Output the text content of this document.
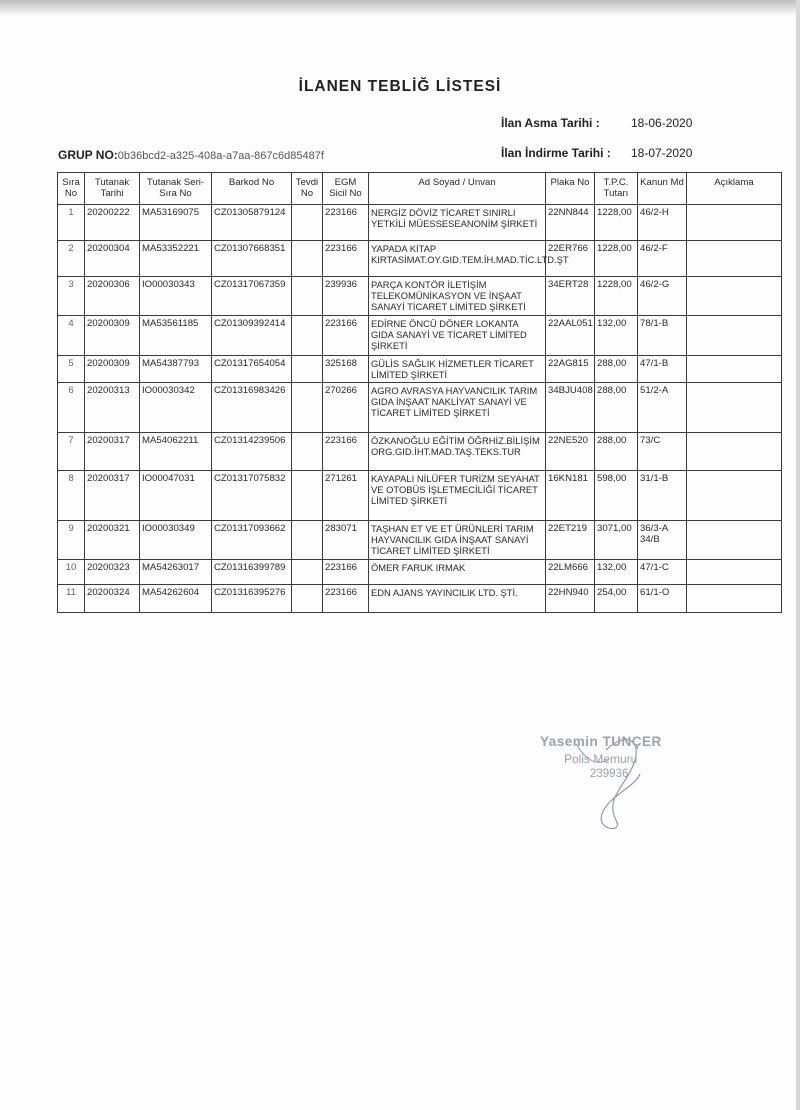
İLANEN TEBLİĞ LİSTESİ
İlan Asma Tarihi :	18-06-2020
İlan İndirme Tarihi : 18-07-2020
GRUP NO:0b36bcd2-a325-408a-a7aa-867c6d85487f
Sıra No	Tutanak Tarihi	Tutanak Seri-Sıra No	Barkod No	Tevdi No	EGM Sicil No	Ad Soyad / Unvan	Plaka No	T.P.C. Tutarı	Kanun Md	Açıklama
1	20200222	MA53169075	CZ01305879124		223166	NERGİZ DÖVİZ TİCARET SINIRLI YETKİLİ MÜESSESEANONİM ŞİRKETİ	22NN844	1228,00	46/2-H	
2	20200304	MA53352221	CZ01307668351		223166	YAPADA KİTAP KIRTASİMAT.OY.GID.TEM.İH.MAD.TİC.LTD.ŞT	22ER766	1228,00	46/2-F	
3	20200306	IO00030343	CZ01317067359		239936	PARÇA KONTÖR İLETİŞİM TELEKOMÜNİKASYON VE İNŞAAT SANAYİ TİCARET LİMİTED ŞİRKETİ	34ERT28	1228,00	46/2-G	
4	20200309	MA53561185	CZ01309392414		223166	EDİRNE ÖNCÜ DÖNER LOKANTA GIDA SANAYİ VE TİCARET LİMİTED ŞİRKETİ	22AAL051	132,00	78/1-B	
5	20200309	MA54387793	CZ01317654054		325168	GÜLİS SAĞLIK HİZMETLER TİCARET LİMİTED ŞİRKETİ	22AG815	288,00	47/1-B	
6	20200313	IO00030342	CZ01316983426		270266	AGRO AVRASYA HAYVANCILIK TARIM GIDA İNŞAAT NAKLİYAT SANAYİ VE TİCARET LİMİTED ŞİRKETİ	34BJU408	288,00	51/2-A	
7	20200317	MA54062211	CZ01314239506		223166	ÖZKANOĞLU EĞİTİM ÖĞRHİZ.BİLİŞİM ORG.GID.İHT.MAD.TAŞ.TEKS.TUR	22NE520	288,00	73/C	
8	20200317	IO00047031	CZ01317075832		271261	KAYAPALI NİLÜFER TURİZM SEYAHAT VE OTOBÜS İŞLETMECİLİĞİ TİCARET LİMİTED ŞİRKETİ	16KN181	598,00	31/1-B	
9	20200321	IO00030349	CZ01317093662		283071	TAŞHAN ET VE ET ÜRÜNLERİ TARIM HAYVANCILIK GIDA İNŞAAT SANAYİ TİCARET LİMİTED ŞİRKETİ	22ET219	3071,00	36/3-A 34/B	
10	20200323	MA54263017	CZ01316399789		223166	ÖMER FARUK IRMAK	22LM666	132,00	47/1-C	
11	20200324	MA54262604	CZ01316395276		223166	EDN AJANS YAYINCILIK LTD. ŞTİ.	22HN940	254,00	61/1-O	
Yasemin TUNÇER
Polis Memuru
239936
